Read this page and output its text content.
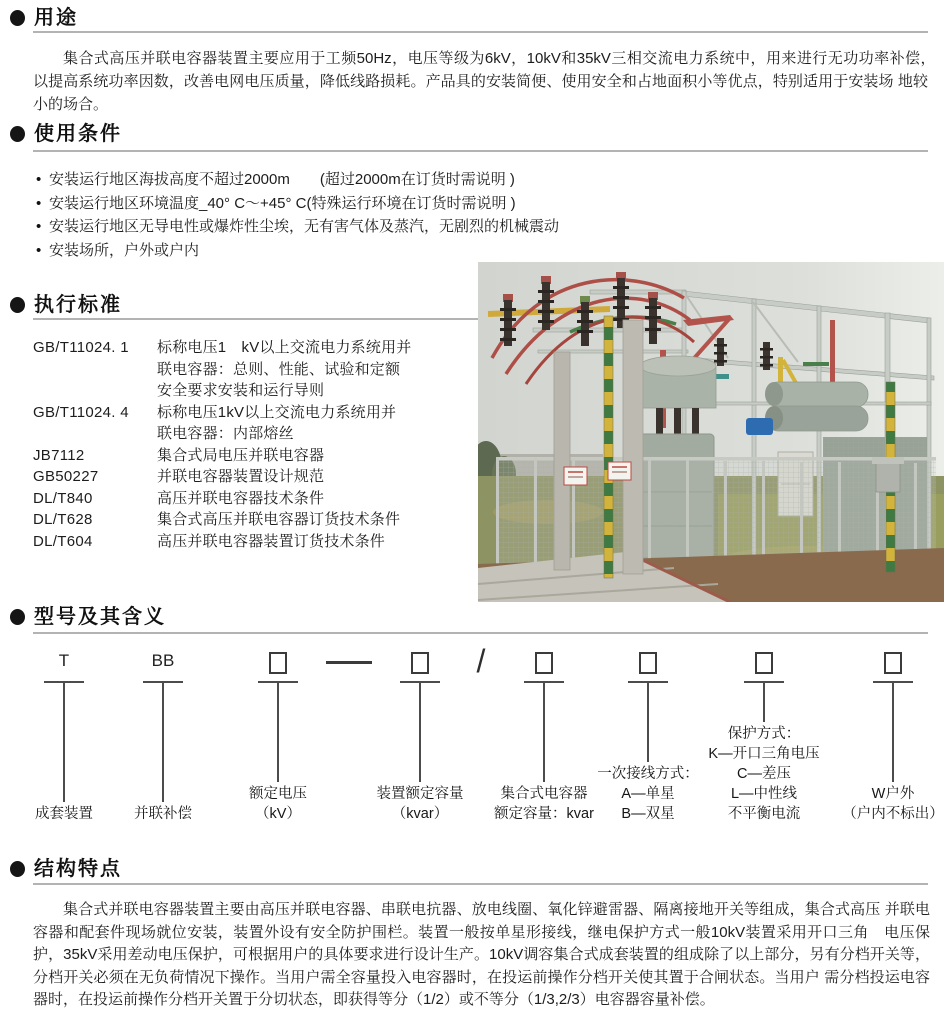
用途

集合式高压并联电容器装置主要应用于工频50Hz，电压等级为6kV，10kV和35kV三相交流电力系统中，用来进行无功功率补偿，　以提高系统功率因数，改善电网电压质量，降低线路损耗。产品具的安装简便、使用安全和占地面积小等优点，特别适用于安装场 地较小的场合。

使用条件
• 安装运行地区海拔高度不超过2000m　　(超过2000m在订货时需说明 )
• 安装运行地区环境温度_40° C～+45° C(特殊运行环境在订货时需说明 )
• 安装运行地区无导电性或爆炸性尘埃，无有害气体及蒸汽，无剧烈的机械震动
• 安装场所，户外或户内
执行标准
GB/T11024. 1	标称电压1　kV以上交流电力系统用并
联电容器：总则、性能、试验和定额
安全要求安装和运行导则
GB/T11024. 4	标称电压1kV以上交流电力系统用并
联电容器：内部熔丝
JB7112	集合式局电压并联电容器
GB50227	并联电容器装置设计规范
DL/T840	高压并联电容器技术条件
DL/T628	集合式高压并联电容器订货技术条件
DL/T604	高压并联电容器装置订货技术条件
型号及其含义
T
成套装置
BB
并联补偿
额定电压
（kV）
装置额定容量
（kvar）
/
集合式电容器
额定容量：kvar
一次接线方式：
A—单星
B—双星
保护方式：
K—开口三角电压
C—差压
L—中性线
不平衡电流
W户外
（户内不标出）
结构特点

集合式并联电容器装置主要由高压并联电容器、串联电抗器、放电线圈、氧化锌避雷器、隔离接地开关等组成，集合式高压 并联电容器和配套件现场就位安装，装置外设有安全防护围栏。装置一般按单星形接线，继电保护方式一般10kV装置采用开口三角　电压保护，35kV采用差动电压保护，可根据用户的具体要求进行设计生产。10kV调容集合式成套装置的组成除了以上部分，另有分档开关等，分档开关必须在无负荷情况下操作。当用户需全容量投入电容器时，在投运前操作分档开关使其置于合闸状态。当用户 需分档投运电容器时，在投运前操作分档开关置于分切状态，即获得等分（1/2）或不等分（1/3,2/3）电容器容量补偿。
